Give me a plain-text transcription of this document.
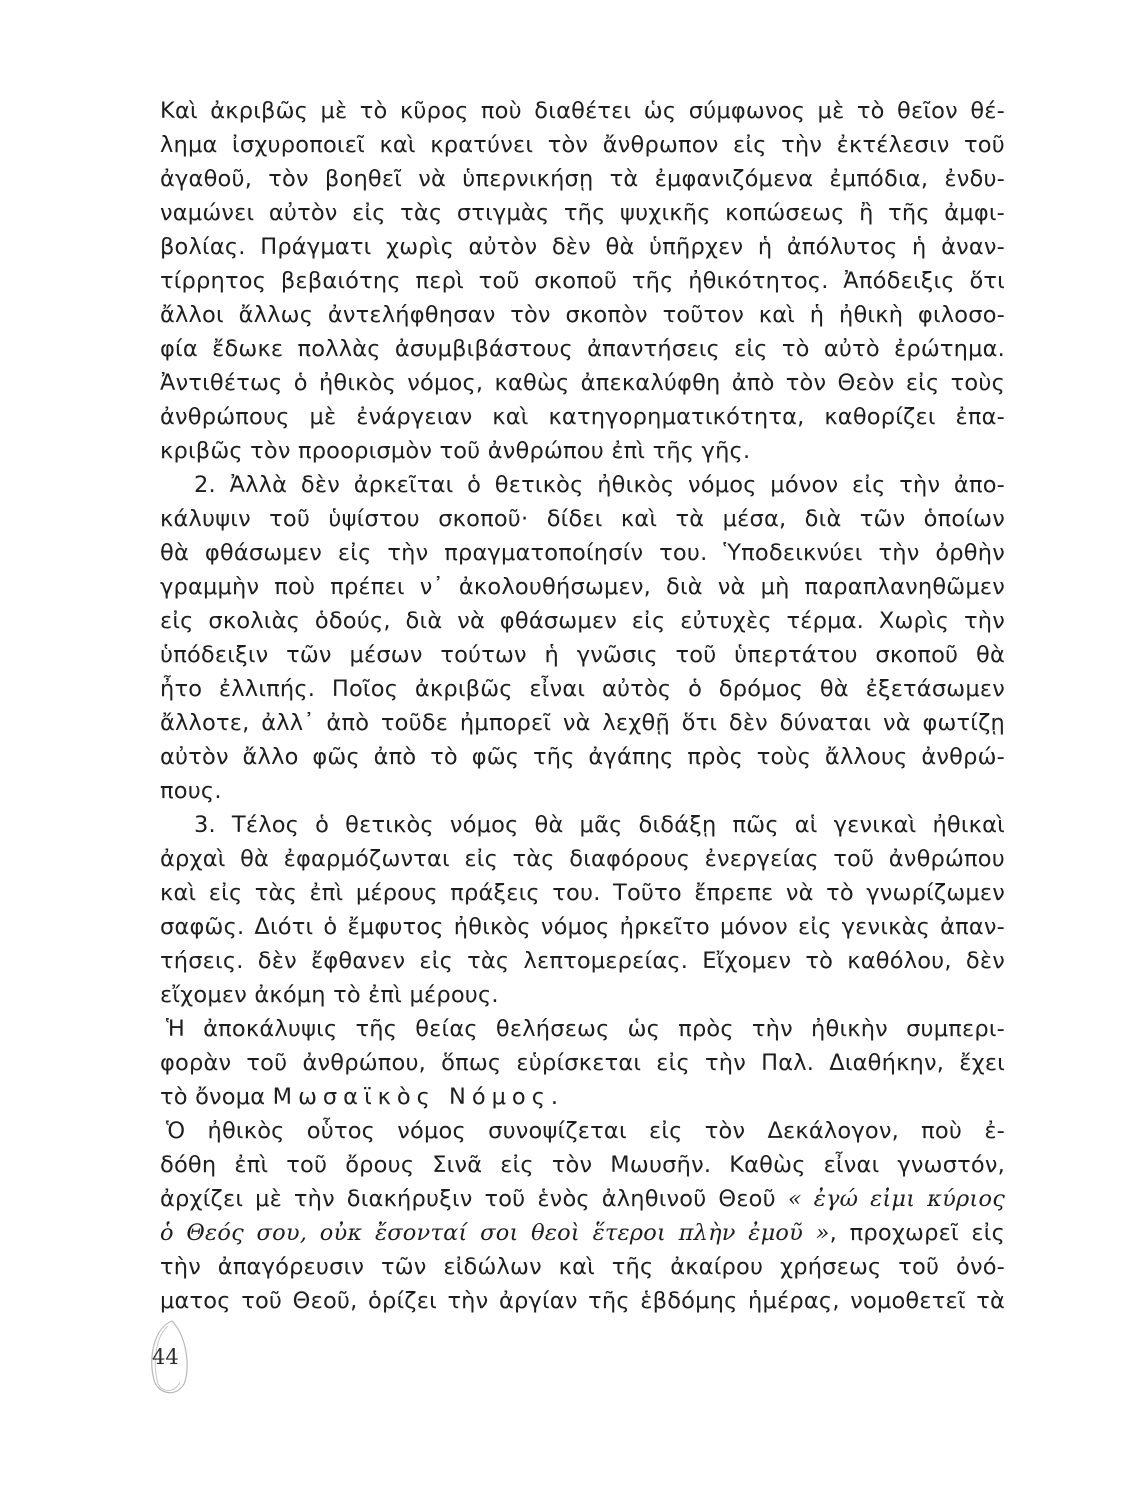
Καὶ ἀκριβῶς μὲ τὸ κῦρος ποὺ διαθέτει ὡς σύμφωνος μὲ τὸ θεῖον θέ-
λημα ἰσχυροποιεῖ καὶ κρατύνει τὸν ἄνθρωπον εἰς τὴν ἐκτέλεσιν τοῦ
ἀγαθοῦ, τὸν βοηθεῖ νὰ ὑπερνικήσῃ τὰ ἐμφανιζόμενα ἐμπόδια, ἐνδυ-
ναμώνει αὐτὸν εἰς τὰς στιγμὰς τῆς ψυχικῆς κοπώσεως ἢ τῆς ἀμφι-
βολίας. Πράγματι χωρὶς αὐτὸν δὲν θὰ ὑπῆρχεν ἡ ἀπόλυτος ἡ ἀναν-
τίρρητος βεβαιότης περὶ τοῦ σκοποῦ τῆς ἠθικότητος. Ἀπόδειξις ὅτι
ἄλλοι ἄλλως ἀντελήφθησαν τὸν σκοπὸν τοῦτον καὶ ἡ ἠθικὴ φιλοσο-
φία ἔδωκε πολλὰς ἀσυμβιβάστους ἀπαντήσεις εἰς τὸ αὐτὸ ἐρώτημα.
Ἀντιθέτως ὁ ἠθικὸς νόμος, καθὼς ἀπεκαλύφθη ἀπὸ τὸν Θεὸν εἰς τοὺς
ἀνθρώπους μὲ ἐνάργειαν καὶ κατηγορηματικότητα, καθορίζει ἐπα-
κριβῶς τὸν προορισμὸν τοῦ ἀνθρώπου ἐπὶ τῆς γῆς.
2. Ἀλλὰ δὲν ἀρκεῖται ὁ θετικὸς ἠθικὸς νόμος μόνον εἰς τὴν ἀπο-
κάλυψιν τοῦ ὑψίστου σκοποῦ· δίδει καὶ τὰ μέσα, διὰ τῶν ὁποίων
θὰ φθάσωμεν εἰς τὴν πραγματοποίησίν του. Ὑποδεικνύει τὴν ὀρθὴν
γραμμὴν ποὺ πρέπει ν᾽ ἀκολουθήσωμεν, διὰ νὰ μὴ παραπλανηθῶμεν
εἰς σκολιὰς ὁδούς, διὰ νὰ φθάσωμεν εἰς εὐτυχὲς τέρμα. Χωρὶς τὴν
ὑπόδειξιν τῶν μέσων τούτων ἡ γνῶσις τοῦ ὑπερτάτου σκοποῦ θὰ
ἦτο ἐλλιπής. Ποῖος ἀκριβῶς εἶναι αὐτὸς ὁ δρόμος θὰ ἐξετάσωμεν
ἄλλοτε, ἀλλ᾽ ἀπὸ τοῦδε ἠμπορεῖ νὰ λεχθῇ ὅτι δὲν δύναται νὰ φωτίζῃ
αὐτὸν ἄλλο φῶς ἀπὸ τὸ φῶς τῆς ἀγάπης πρὸς τοὺς ἄλλους ἀνθρώ-
πους.
3. Τέλος ὁ θετικὸς νόμος θὰ μᾶς διδάξῃ πῶς αἱ γενικαὶ ἠθικαὶ
ἀρχαὶ θὰ ἐφαρμόζωνται εἰς τὰς διαφόρους ἐνεργείας τοῦ ἀνθρώπου
καὶ εἰς τὰς ἐπὶ μέρους πράξεις του. Τοῦτο ἔπρεπε νὰ τὸ γνωρίζωμεν
σαφῶς. Διότι ὁ ἔμφυτος ἠθικὸς νόμος ἠρκεῖτο μόνον εἰς γενικὰς ἀπαν-
τήσεις. δὲν ἔφθανεν εἰς τὰς λεπτομερείας. Εἴχομεν τὸ καθόλου, δὲν
εἴχομεν ἀκόμη τὸ ἐπὶ μέρους.
Ἡ ἀποκάλυψις τῆς θείας θελήσεως ὡς πρὸς τὴν ἠθικὴν συμπερι-
φορὰν τοῦ ἀνθρώπου, ὅπως εὑρίσκεται εἰς τὴν Παλ. Διαθήκην, ἔχει
τὸ ὄνομα Μωσαϊκὸς Νόμος.
Ὁ ἠθικὸς οὗτος νόμος συνοψίζεται εἰς τὸν Δεκάλογον, ποὺ ἐ-
δόθη ἐπὶ τοῦ ὄρους Σινᾶ εἰς τὸν Μωυσῆν. Καθὼς εἶναι γνωστόν,
ἀρχίζει μὲ τὴν διακήρυξιν τοῦ ἑνὸς ἀληθινοῦ Θεοῦ « ἐγώ εἰμι κύριος
ὁ Θεός σου, οὐκ ἔσονταί σοι θεοὶ ἕτεροι πλὴν ἐμοῦ », προχωρεῖ εἰς
τὴν ἀπαγόρευσιν τῶν εἰδώλων καὶ τῆς ἀκαίρου χρήσεως τοῦ ὀνό-
ματος τοῦ Θεοῦ, ὁρίζει τὴν ἀργίαν τῆς ἑβδόμης ἡμέρας, νομοθετεῖ τὰ
44
